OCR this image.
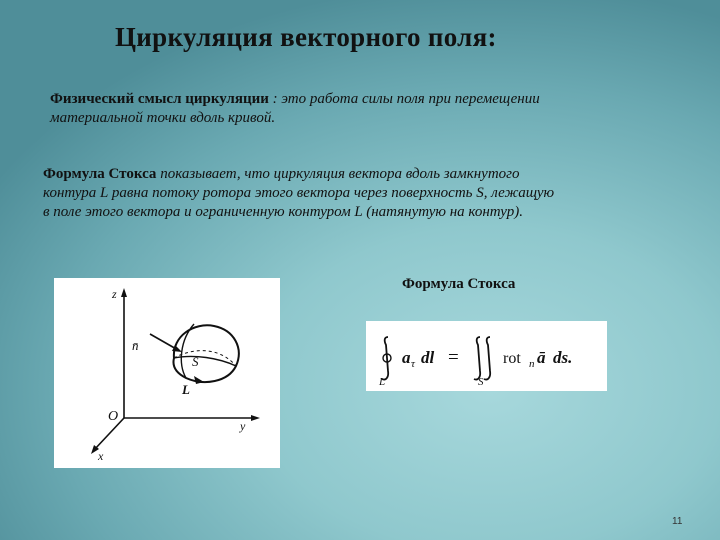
Циркуляция векторного поля:

Физический смысл циркуляции : это работа силы поля при перемещении
материальной точки вдоль кривой.

Формула Стокса показывает, что циркуляция вектора вдоль замкнутого
контура L равна потоку ротора этого вектора через поверхность S, лежащую
в поле этого вектора и ограниченную контуром L (натянутую на контур).

z
y
x
O
n̄
S
L
Формула Стокса
a τ dl =	rot n ā ds.
L	S
11
